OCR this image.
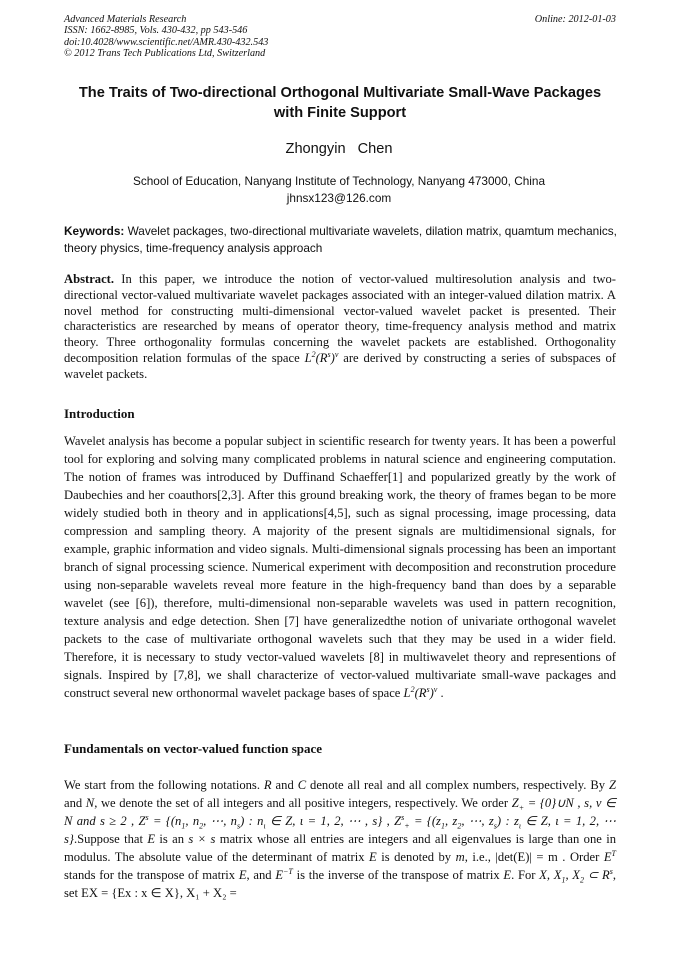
Advanced Materials Research
ISSN: 1662-8985, Vols. 430-432, pp 543-546
doi:10.4028/www.scientific.net/AMR.430-432.543
© 2012 Trans Tech Publications Ltd, Switzerland
Online: 2012-01-03
The Traits of Two-directional Orthogonal Multivariate Small-Wave Packages with Finite Support
Zhongyin Chen
School of Education, Nanyang Institute of Technology, Nanyang 473000, China
jhnsx123@126.com
Keywords: Wavelet packages, two-directional multivariate wavelets, dilation matrix, quamtum mechanics, theory physics, time-frequency analysis approach
Abstract. In this paper, we introduce the notion of vector-valued multiresolution analysis and two-directional vector-valued multivariate wavelet packages associated with an integer-valued dilation matrix. A novel method for constructing multi-dimensional vector-valued wavelet packet is presented. Their characteristics are researched by means of operator theory, time-frequency analysis method and matrix theory. Three orthogonality formulas concerning the wavelet packets are established. Orthogonality decomposition relation formulas of the space $L^2(R^s)^v$ are derived by constructing a series of subspaces of wavelet packets.
Introduction
Wavelet analysis has become a popular subject in scientific research for twenty years. It has been a powerful tool for exploring and solving many complicated problems in natural science and engineering computation. The notion of frames was introduced by Duffinand Schaeffer[1] and popularized greatly by the work of Daubechies and her coauthors[2,3]. After this ground breaking work, the theory of frames began to be more widely studied both in theory and in applications[4,5], such as signal processing, image processing, data compression and sampling theory. A majority of the present signals are multidimensional signals, for example, graphic information and video signals. Multi-dimensional signals processing has been an important branch of signal processing science. Numerical experiment with decomposition and reconstrution procedure using non-separable wavelets reveal more feature in the high-frequency band than does by a separable wavelet (see [6]), therefore, multi-dimensional non-separable wavelets was used in pattern recognition, texture analysis and edge detection. Shen [7] have generalizedthe notion of univariate orthogonal wavelet packets to the case of multivariate orthogonal wavelets such that they may be used in a wider field. Therefore, it is necessary to study vector-valued wavelets [8] in multiwavelet theory and representions of signals. Inspired by [7,8], we shall characterize of vector-valued multivariate small-wave packages and construct several new orthonormal wavelet package bases of space $L^2(R^s)^v$ .
Fundamentals on vector-valued function space
We start from the following notations. R and C denote all real and all complex numbers, respectively. By Z and N, we denote the set of all integers and all positive integers, respectively. We order $Z_+$ = {0}∪N , s, v ∈ N and s ≥ 2 , $Z^s = \{(n_1$, $n_2$, ⋯, $n_s$) : $n_\iota$ ∈ Z, ι = 1, 2, ⋯ , s} , $Z^s_+ = \{(z_1$, $z_2$, ⋯, $z_s$) : $z_\iota$ ∈ Z, ι = 1, 2, ⋯ s}.Suppose that E is an s × s matrix whose all entries are integers and all eigenvalues is large than one in modulus. The absolute value of the determinant of matrix E is denoted by m, i.e., |det(E)| = m . Order $E^T$ stands for the transpose of matrix E, and $E^{-T}$ is the inverse of the transpose of matrix E. For X, $X_1$, $X_2$ ⊂ $R^s$, set EX = {Ex : x ∈ X}, X₁ + X₂ =
